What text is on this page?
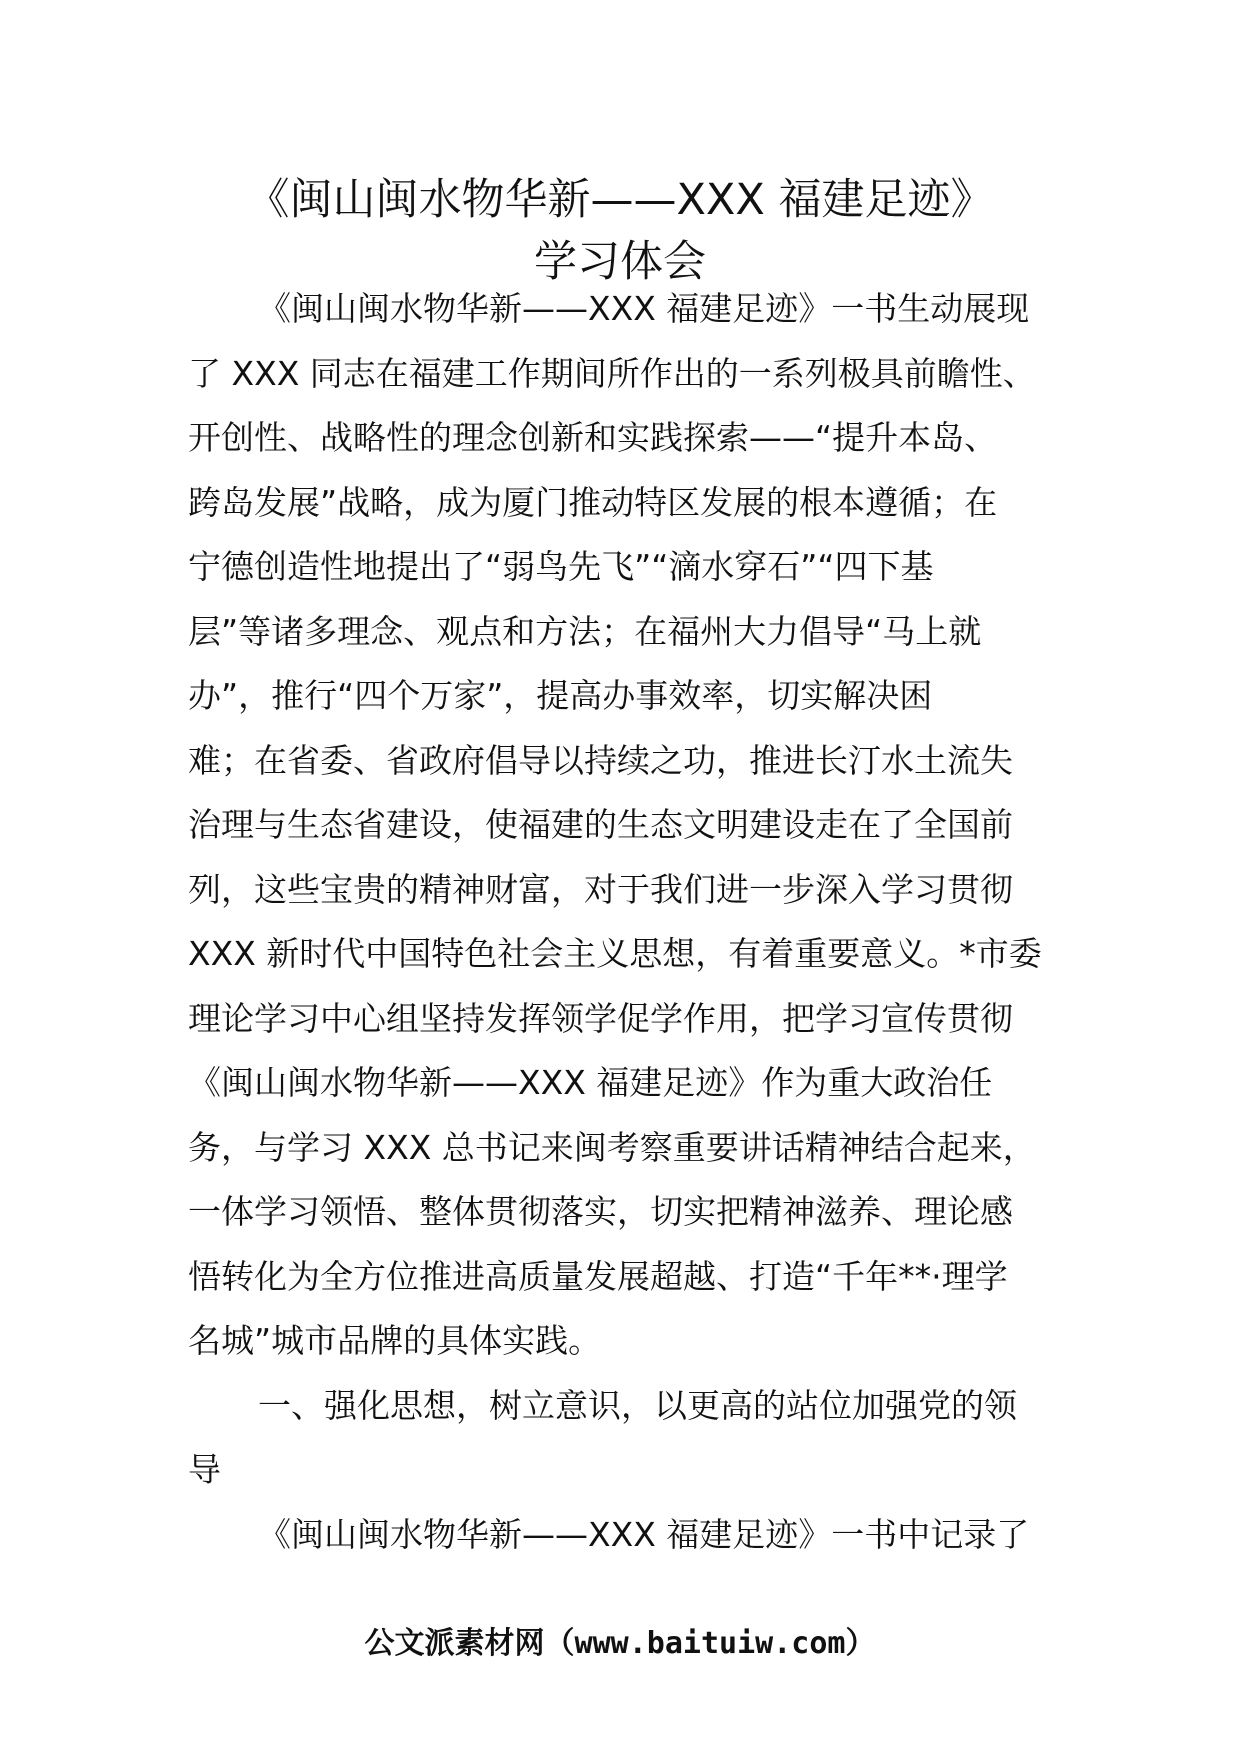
《闽山闽水物华新——XXX 福建足迹》
学习体会
《闽山闽水物华新——XXX 福建足迹》一书生动展现
了 XXX 同志在福建工作期间所作出的一系列极具前瞻性、
开创性、战略性的理念创新和实践探索——“提升本岛、
跨岛发展”战略，成为厦门推动特区发展的根本遵循；在
宁德创造性地提出了“弱鸟先飞”“滴水穿石”“四下基
层”等诸多理念、观点和方法；在福州大力倡导“马上就
办”，推行“四个万家”，提高办事效率，切实解决困
难；在省委、省政府倡导以持续之功，推进长汀水土流失
治理与生态省建设，使福建的生态文明建设走在了全国前
列，这些宝贵的精神财富，对于我们进一步深入学习贯彻
XXX 新时代中国特色社会主义思想，有着重要意义。*市委
理论学习中心组坚持发挥领学促学作用，把学习宣传贯彻
《闽山闽水物华新——XXX 福建足迹》作为重大政治任
务，与学习 XXX 总书记来闽考察重要讲话精神结合起来，
一体学习领悟、整体贯彻落实，切实把精神滋养、理论感
悟转化为全方位推进高质量发展超越、打造“千年**·理学
名城”城市品牌的具体实践。
一、强化思想，树立意识，以更高的站位加强党的领
导
《闽山闽水物华新——XXX 福建足迹》一书中记录了
公文派素材网（www.baituiw.com）
